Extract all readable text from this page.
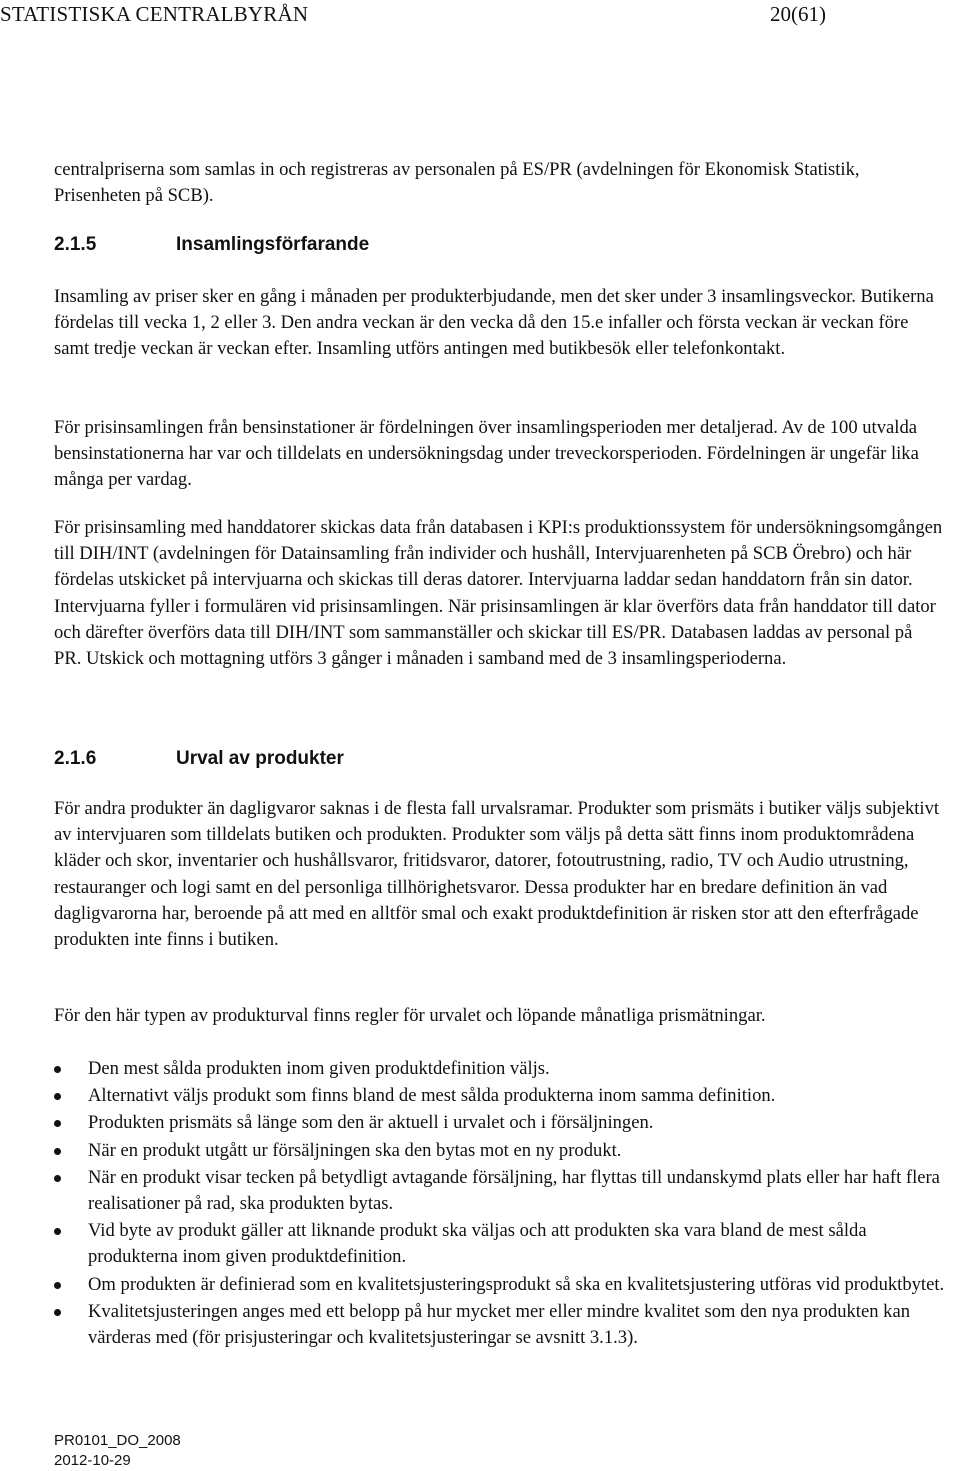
STATISTISKA CENTRALBYRÅN	20(61)

centralpriserna som samlas in och registreras av personalen på ES/PR (avdelningen för Ekonomisk Statistik, Prisenheten på SCB).

2.1.5	Insamlingsförfarande

Insamling av priser sker en gång i månaden per produkterbjudande, men det sker under 3 insamlingsveckor. Butikerna fördelas till vecka 1, 2 eller 3. Den andra veckan är den vecka då den 15.e infaller och första veckan är veckan före samt tredje veckan är veckan efter. Insamling utförs antingen med butikbesök eller telefonkontakt.

För prisinsamlingen från bensinstationer är fördelningen över insamlingsperioden mer detaljerad. Av de 100 utvalda bensinstationerna har var och tilldelats en undersökningsdag under treveckorsperioden. Fördelningen är ungefär lika många per vardag.

För prisinsamling med handdatorer skickas data från databasen i KPI:s produktionssystem för undersökningsomgången till DIH/INT (avdelningen för Datainsamling från individer och hushåll, Intervjuarenheten på SCB Örebro) och här fördelas utskicket på intervjuarna och skickas till deras datorer. Intervjuarna laddar sedan handdatorn från sin dator. Intervjuarna fyller i formulären vid prisinsamlingen. När prisinsamlingen är klar överförs data från handdator till dator och därefter överförs data till DIH/INT som sammanställer och skickar till ES/PR. Databasen laddas av personal på PR. Utskick och mottagning utförs 3 gånger i månaden i samband med de 3 insamlingsperioderna.

2.1.6	Urval av produkter

För andra produkter än dagligvaror saknas i de flesta fall urvalsramar. Produkter som prismäts i butiker väljs subjektivt av intervjuaren som tilldelats butiken och produkten. Produkter som väljs på detta sätt finns inom produktområdena kläder och skor, inventarier och hushållsvaror, fritidsvaror, datorer, fotoutrustning, radio, TV och Audio utrustning, restauranger och logi samt en del personliga tillhörighetsvaror. Dessa produkter har en bredare definition än vad dagligvarorna har, beroende på att med en alltför smal och exakt produktdefinition är risken stor att den efterfrågade produkten inte finns i butiken.

För den här typen av produkturval finns regler för urvalet och löpande månatliga prismätningar.

Den mest sålda produkten inom given produktdefinition väljs.
Alternativt väljs produkt som finns bland de mest sålda produkterna inom samma definition.
Produkten prismäts så länge som den är aktuell i urvalet och i försäljningen.
När en produkt utgått ur försäljningen ska den bytas mot en ny produkt.
När en produkt visar tecken på betydligt avtagande försäljning, har flyttas till undanskymd plats eller har haft flera realisationer på rad, ska produkten bytas.
Vid byte av produkt gäller att liknande produkt ska väljas och att produkten ska vara bland de mest sålda produkterna inom given produktdefinition.
Om produkten är definierad som en kvalitetsjusteringsprodukt så ska en kvalitetsjustering utföras vid produktbytet.
Kvalitetsjusteringen anges med ett belopp på hur mycket mer eller mindre kvalitet som den nya produkten kan värderas med (för prisjusteringar och kvalitetsjusteringar se avsnitt 3.1.3).
PR0101_DO_2008
2012-10-29
